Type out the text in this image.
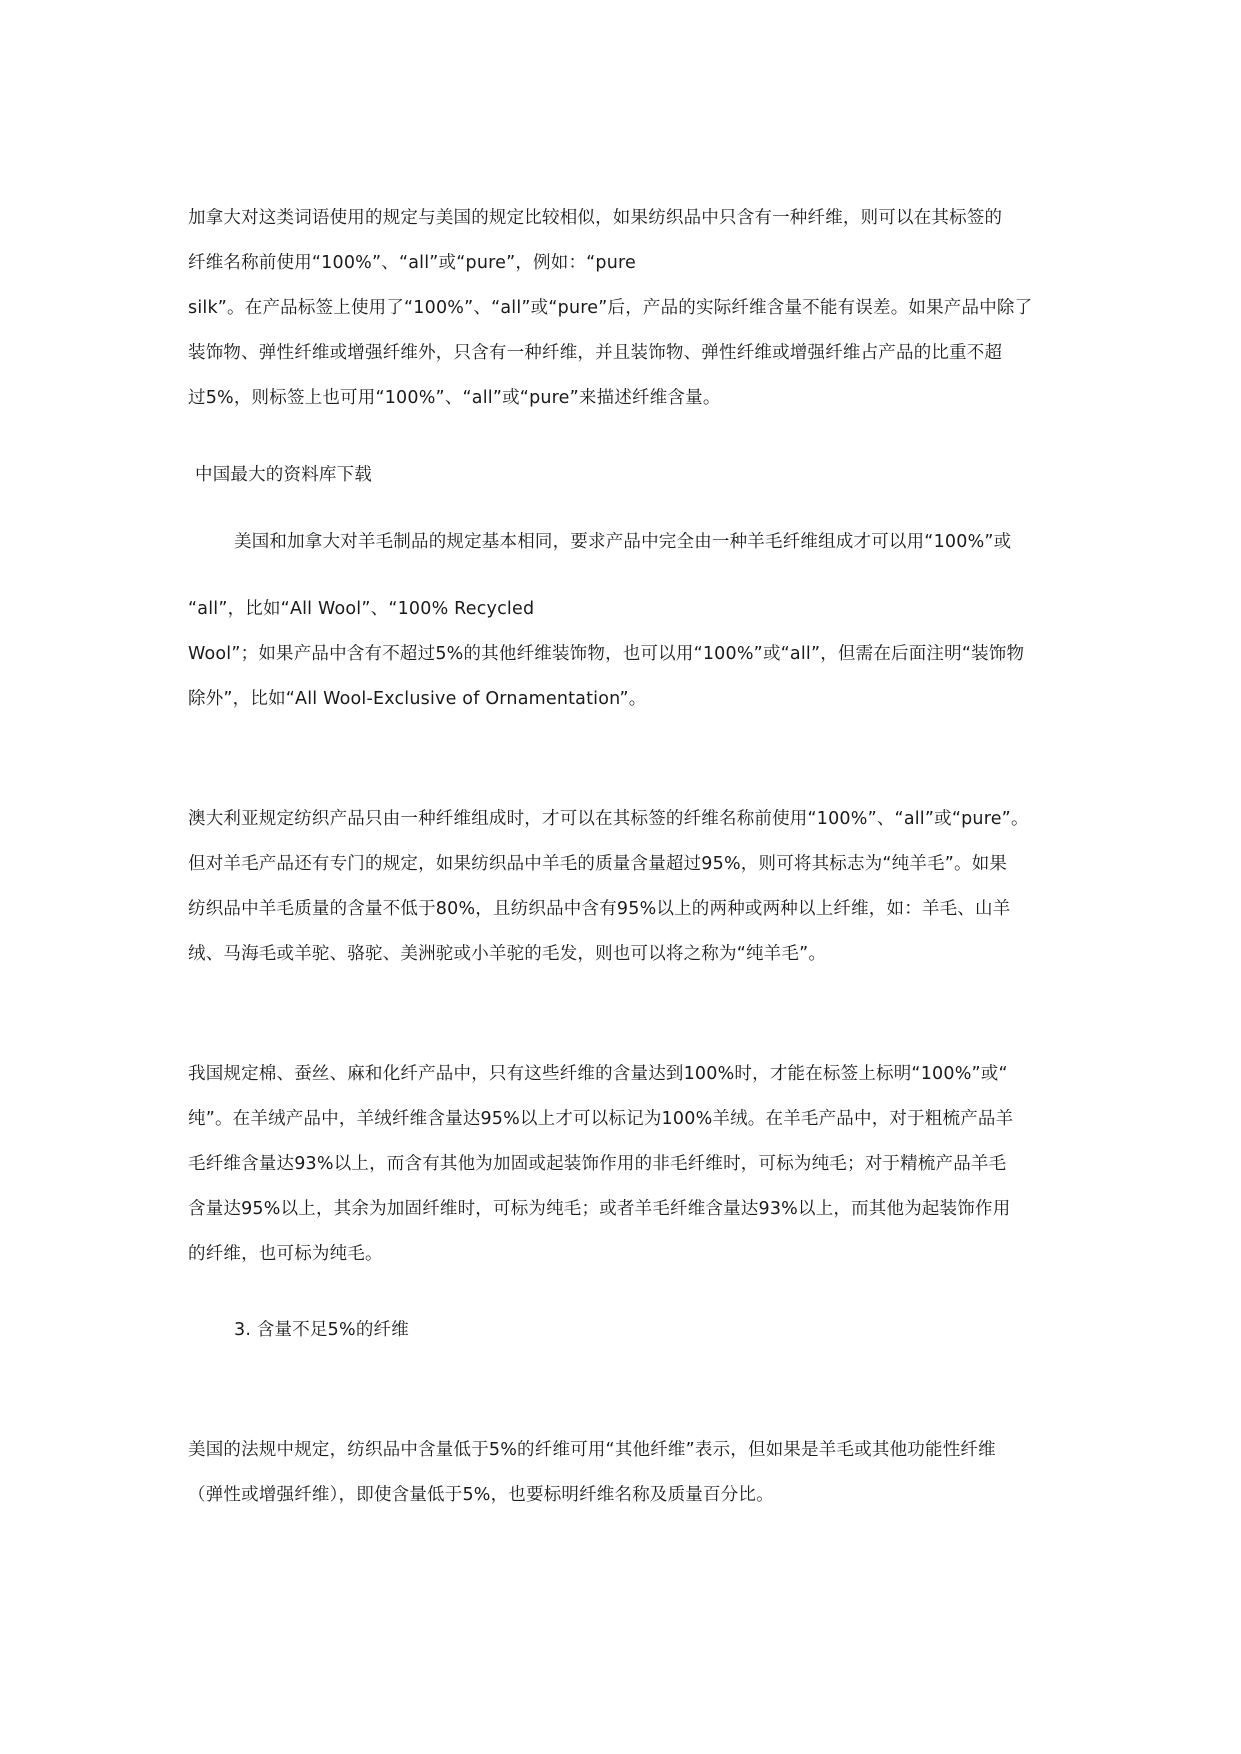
加拿大对这类词语使用的规定与美国的规定比较相似，如果纺织品中只含有一种纤维，则可以在其标签的
纤维名称前使用“100%”、“all”或“pure”，例如：“pure
silk”。在产品标签上使用了“100%”、“all”或“pure”后，产品的实际纤维含量不能有误差。如果产品中除了
装饰物、弹性纤维或增强纤维外，只含有一种纤维，并且装饰物、弹性纤维或增强纤维占产品的比重不超
过5%，则标签上也可用“100%”、“all”或“pure”来描述纤维含量。
中国最大的资料库下载
美国和加拿大对羊毛制品的规定基本相同，要求产品中完全由一种羊毛纤维组成才可以用“100%”或
“all”，比如“All Wool”、“100% Recycled
Wool”；如果产品中含有不超过5%的其他纤维装饰物，也可以用“100%”或“all”，但需在后面注明“装饰物
除外”，比如“All Wool-Exclusive of Ornamentation”。
澳大利亚规定纺织产品只由一种纤维组成时，才可以在其标签的纤维名称前使用“100%”、“all”或“pure”。
但对羊毛产品还有专门的规定，如果纺织品中羊毛的质量含量超过95%，则可将其标志为“纯羊毛”。如果
纺织品中羊毛质量的含量不低于80%，且纺织品中含有95%以上的两种或两种以上纤维，如：羊毛、山羊
绒、马海毛或羊驼、骆驼、美洲驼或小羊驼的毛发，则也可以将之称为“纯羊毛”。
我国规定棉、蚕丝、麻和化纤产品中，只有这些纤维的含量达到100%时，才能在标签上标明“100%”或“
纯”。在羊绒产品中，羊绒纤维含量达95%以上才可以标记为100%羊绒。在羊毛产品中，对于粗梳产品羊
毛纤维含量达93%以上，而含有其他为加固或起装饰作用的非毛纤维时，可标为纯毛；对于精梳产品羊毛
含量达95%以上，其余为加固纤维时，可标为纯毛；或者羊毛纤维含量达93%以上，而其他为起装饰作用
的纤维，也可标为纯毛。
3. 含量不足5%的纤维
美国的法规中规定，纺织品中含量低于5%的纤维可用“其他纤维”表示，但如果是羊毛或其他功能性纤维
（弹性或增强纤维），即使含量低于5%，也要标明纤维名称及质量百分比。
